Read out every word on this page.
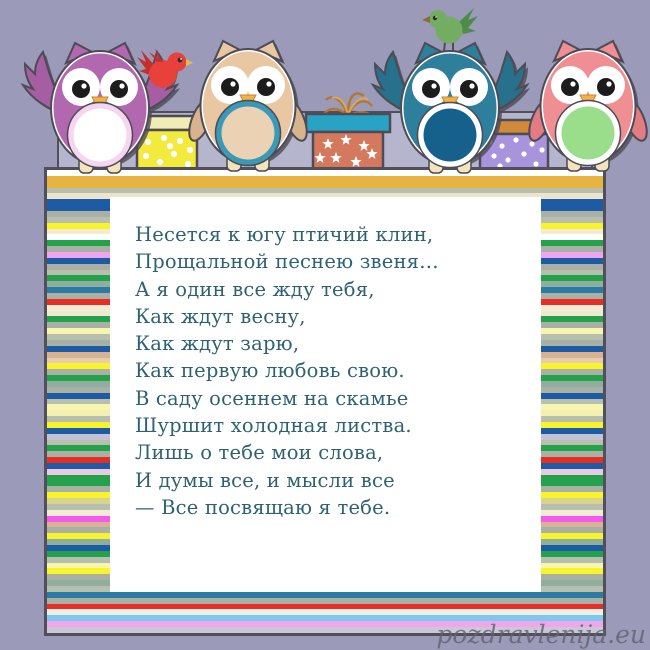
Несется к югу птичий клин,
Прощальной песнею звеня…
А я один все жду тебя,
Как ждут весну,
Как ждут зарю,
Как первую любовь свою.
В саду осеннем на скамье
Шуршит холодная листва.
Лишь о тебе мои слова,
И думы все, и мысли все
— Все посвящаю я тебе.
pozdravlenija.eu
